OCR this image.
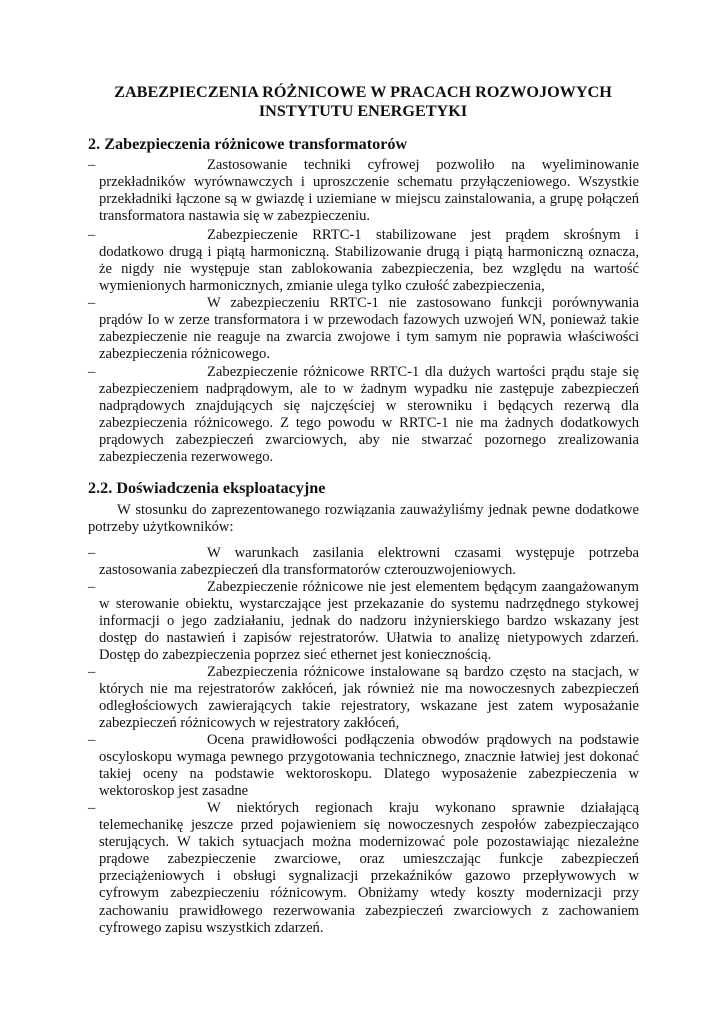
ZABEZPIECZENIA RÓŻNICOWE W PRACACH ROZWOJOWYCH INSTYTUTU ENERGETYKI
2. Zabezpieczenia różnicowe transformatorów
–	Zastosowanie techniki cyfrowej pozwoliło na wyeliminowanie przekładników wyrównawczych i uproszczenie schematu przyłączeniowego. Wszystkie przekładniki łączone są w gwiazdę i uziemiane w miejscu zainstalowania, a grupę połączeń transformatora nastawia się w zabezpieczeniu.
–	Zabezpieczenie RRTC-1 stabilizowane jest prądem skrośnym i dodatkowo drugą i piątą harmoniczną. Stabilizowanie drugą i piątą harmoniczną oznacza, że nigdy nie występuje stan zablokowania zabezpieczenia, bez względu na wartość wymienionych harmonicznych, zmianie ulega tylko czułość zabezpieczenia,
–	W zabezpieczeniu RRTC-1 nie zastosowano funkcji porównywania prądów Io w zerze transformatora i w przewodach fazowych uzwojeń WN, ponieważ takie zabezpieczenie nie reaguje na zwarcia zwojowe i tym samym nie poprawia właściwości zabezpieczenia różnicowego.
–	Zabezpieczenie różnicowe RRTC-1 dla dużych wartości prądu staje się zabezpieczeniem nadprądowym, ale to w żadnym wypadku nie zastępuje zabezpieczeń nadprądowych znajdujących się najczęściej w sterowniku i będących rezerwą dla zabezpieczenia różnicowego. Z tego powodu w RRTC-1 nie ma żadnych dodatkowych prądowych zabezpieczeń zwarciowych, aby nie stwarzać pozornego zrealizowania zabezpieczenia rezerwowego.
2.2. Doświadczenia eksploatacyjne
W stosunku do zaprezentowanego rozwiązania zauważyliśmy jednak pewne dodatkowe potrzeby użytkowników:
–	W warunkach zasilania elektrowni czasami występuje potrzeba zastosowania zabezpieczeń dla transformatorów czterouzwojeniowych.
–	Zabezpieczenie różnicowe nie jest elementem będącym zaangażowanym w sterowanie obiektu, wystarczające jest przekazanie do systemu nadrzędnego stykowej informacji o jego zadziałaniu, jednak do nadzoru inżynierskiego bardzo wskazany jest dostęp do nastawień i zapisów rejestratorów. Ułatwia to analizę nietypowych zdarzeń. Dostęp do zabezpieczenia poprzez sieć ethernet jest koniecznością.
–	Zabezpieczenia różnicowe instalowane są bardzo często na stacjach, w których nie ma rejestratorów zakłóceń, jak również nie ma nowoczesnych zabezpieczeń odległościowych zawierających takie rejestratory, wskazane jest zatem wyposażanie zabezpieczeń różnicowych w rejestratory zakłóceń,
–	Ocena prawidłowości podłączenia obwodów prądowych na podstawie oscyloskopu wymaga pewnego przygotowania technicznego, znacznie łatwiej jest dokonać takiej oceny na podstawie wektoroskopu. Dlatego wyposażenie zabezpieczenia w wektoroskop jest zasadne
–	W niektórych regionach kraju wykonano sprawnie działającą telemechanikę jeszcze przed pojawieniem się nowoczesnych zespołów zabezpieczająco sterujących. W takich sytuacjach można modernizować pole pozostawiając niezależne prądowe zabezpieczenie zwarciowe, oraz umieszczając funkcje zabezpieczeń przeciążeniowych i obsługi sygnalizacji przekaźników gazowo przepływowych w cyfrowym zabezpieczeniu różnicowym. Obniżamy wtedy koszty modernizacji przy zachowaniu prawidłowego rezerwowania zabezpieczeń zwarciowych z zachowaniem cyfrowego zapisu wszystkich zdarzeń.
